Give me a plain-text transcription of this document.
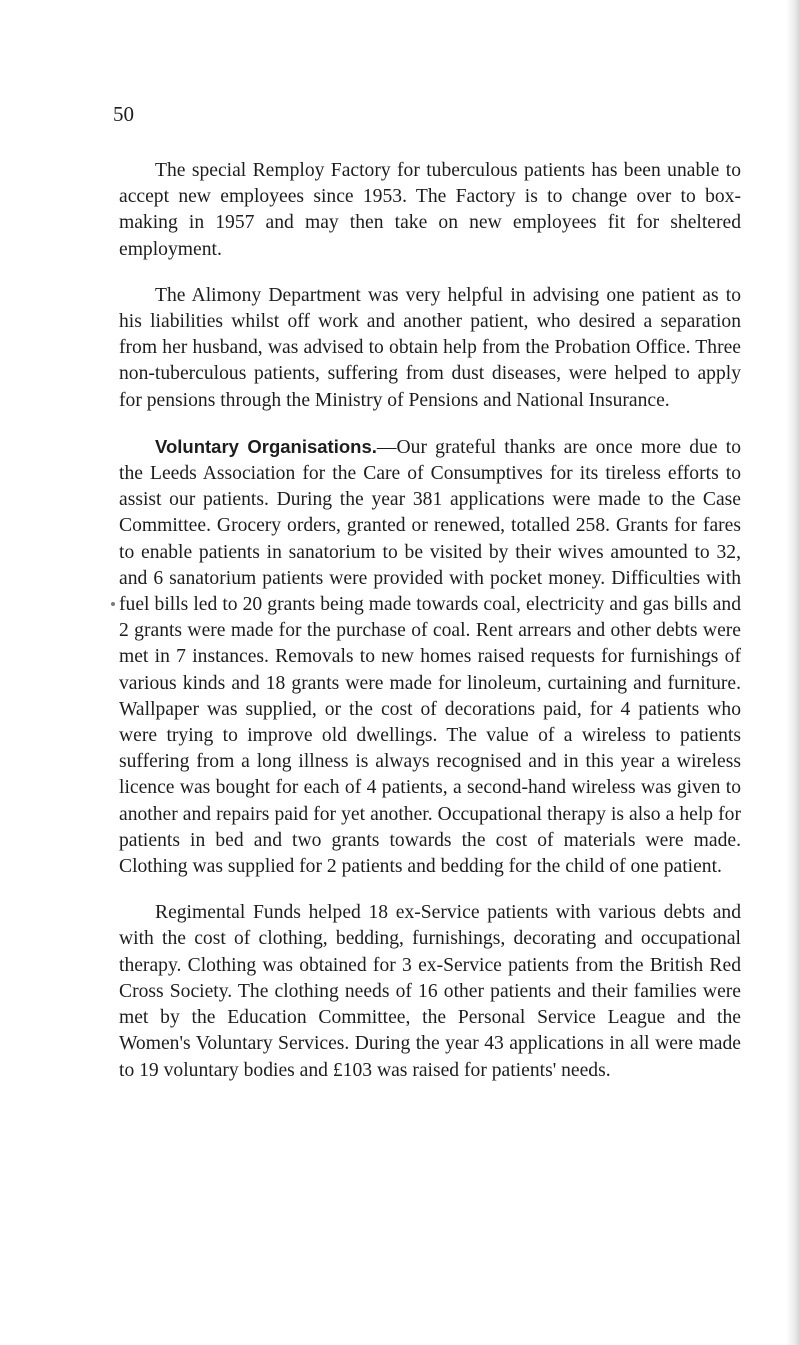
50

The special Remploy Factory for tuberculous patients has been unable to accept new employees since 1953. The Factory is to change over to box-making in 1957 and may then take on new employees fit for sheltered employment.

The Alimony Department was very helpful in advising one patient as to his liabilities whilst off work and another patient, who desired a separation from her husband, was advised to obtain help from the Probation Office. Three non-tuberculous patients, suffering from dust diseases, were helped to apply for pensions through the Ministry of Pensions and National Insurance.

Voluntary Organisations.—Our grateful thanks are once more due to the Leeds Association for the Care of Consumptives for its tireless efforts to assist our patients. During the year 381 applications were made to the Case Committee. Grocery orders, granted or renewed, totalled 258. Grants for fares to enable patients in sanatorium to be visited by their wives amounted to 32, and 6 sanatorium patients were provided with pocket money. Difficulties with fuel bills led to 20 grants being made towards coal, electricity and gas bills and 2 grants were made for the purchase of coal. Rent arrears and other debts were met in 7 instances. Removals to new homes raised requests for furnishings of various kinds and 18 grants were made for linoleum, curtaining and furniture. Wallpaper was supplied, or the cost of decorations paid, for 4 patients who were trying to improve old dwellings. The value of a wireless to patients suffering from a long illness is always recognised and in this year a wireless licence was bought for each of 4 patients, a second-hand wireless was given to another and repairs paid for yet another. Occupational therapy is also a help for patients in bed and two grants towards the cost of materials were made. Clothing was supplied for 2 patients and bedding for the child of one patient.

Regimental Funds helped 18 ex-Service patients with various debts and with the cost of clothing, bedding, furnishings, decorating and occupational therapy. Clothing was obtained for 3 ex-Service patients from the British Red Cross Society. The clothing needs of 16 other patients and their families were met by the Education Committee, the Personal Service League and the Women's Voluntary Services. During the year 43 applications in all were made to 19 voluntary bodies and £103 was raised for patients' needs.
